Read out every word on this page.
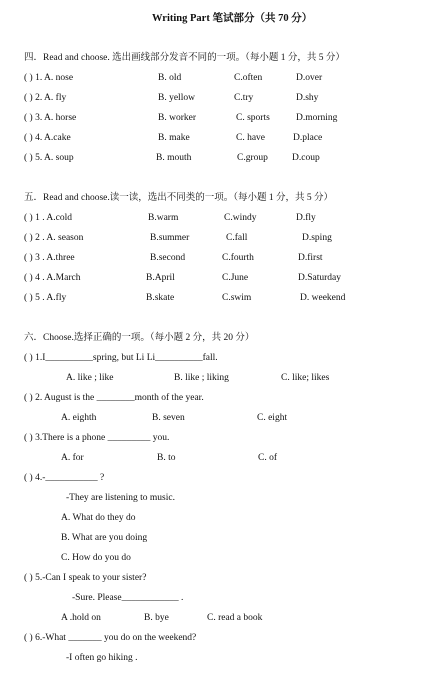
Writing Part 笔试部分（共 70 分）
四．Read and choose. 选出画线部分发音不同的一项。（每小题 1 分，共 5 分）
( ) 1. A. nose	B. old	C.often	D.over
( ) 2. A. fly	B. yellow	C.try	D.shy
( ) 3. A. horse	B. worker	C. sports	D.morning
( ) 4. A.cake	B. make	C. have	D.place
( ) 5. A. soup	B. mouth	C.group	D.coup
五．Read and choose.读一读，选出不同类的一项。（每小题 1 分，共 5 分）
( ) 1 . A.cold	B.warm	C.windy	D.fly
( ) 2 . A. season	B.summer	C.fall	D.sping
( ) 3 . A.three	B.second	C.fourth	D.first
( ) 4 . A.March	B.April	C.June	D.Saturday
( ) 5 . A.fly	B.skate	C.swim	D. weekend
六．Choose.选择正确的一项。（每小题 2 分，共 20 分）
( ) 1.I__________spring, but Li Li__________fall.
A. like ; like	B. like ; liking	C. like; likes
( ) 2. August is the ________month of the year.
A. eighth	B. seven	C. eight
( ) 3.There is a phone _________ you.
A. for	B. to	C. of
( ) 4.-___________ ?
-They are listening to music.
A. What do they do
B. What are you doing
C. How do you do
( ) 5.-Can I speak to your sister?
-Sure. Please____________ .
A .hold on	B. bye	C. read a book
( ) 6.-What _______ you do on the weekend?
-I often go hiking .
